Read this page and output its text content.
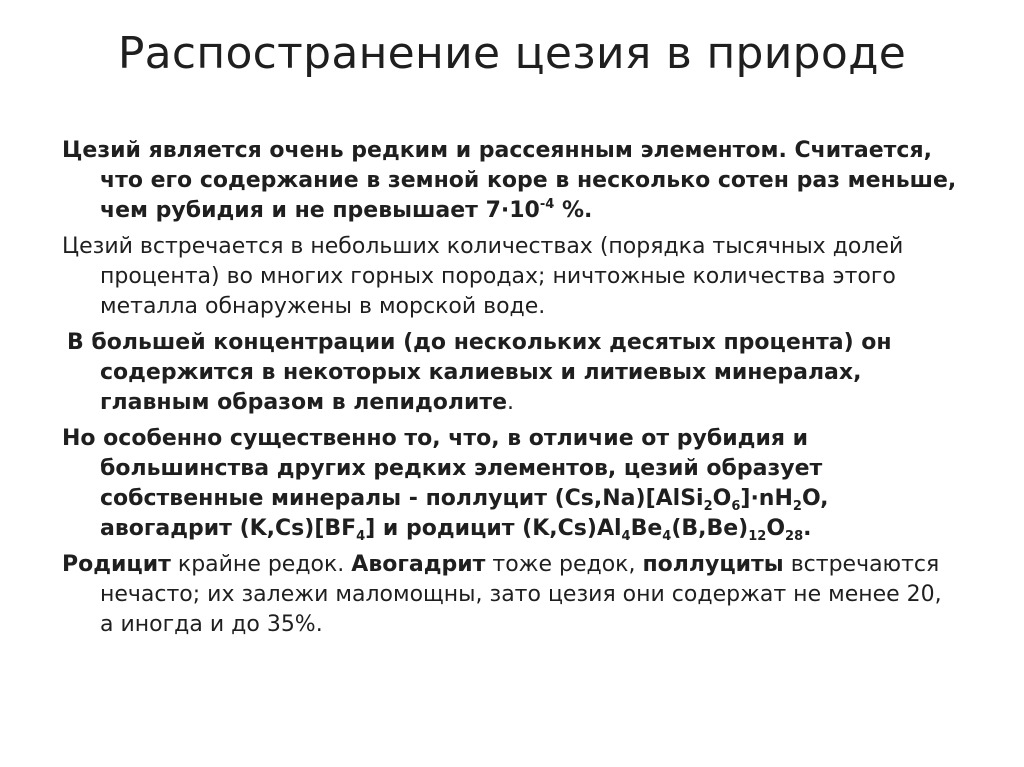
Распостранение цезия в природе

Цезий является очень редким и рассеянным элементом. Считается, что его содержание в земной коре в несколько сотен раз меньше, чем рубидия и не превышает $7\cdot 10^{-4}$ %.

Цезий встречается в небольших количествах (порядка тысячных долей процента) во многих горных породах; ничтожные количества этого металла обнаружены в морской воде.

В большей концентрации (до нескольких десятых процента) он содержится в некоторых калиевых и литиевых минералах, главным образом в лепидолите.

Но особенно существенно то, что, в отличие от рубидия и большинства других редких элементов, цезий образует собственные минералы - поллуцит $(Cs,Na)[AlSi_2O_6]\cdot nH_2O$, авогадрит $(K,Cs)[BF_4]$ и родицит $(K,Cs)Al_4Be_4(B,Be)_{12}O_{28}$.

Родицит крайне редок. Авогадрит тоже редок, поллуциты встречаются нечасто; их залежи маломощны, зато цезия они содержат не менее 20, а иногда и до 35%.
